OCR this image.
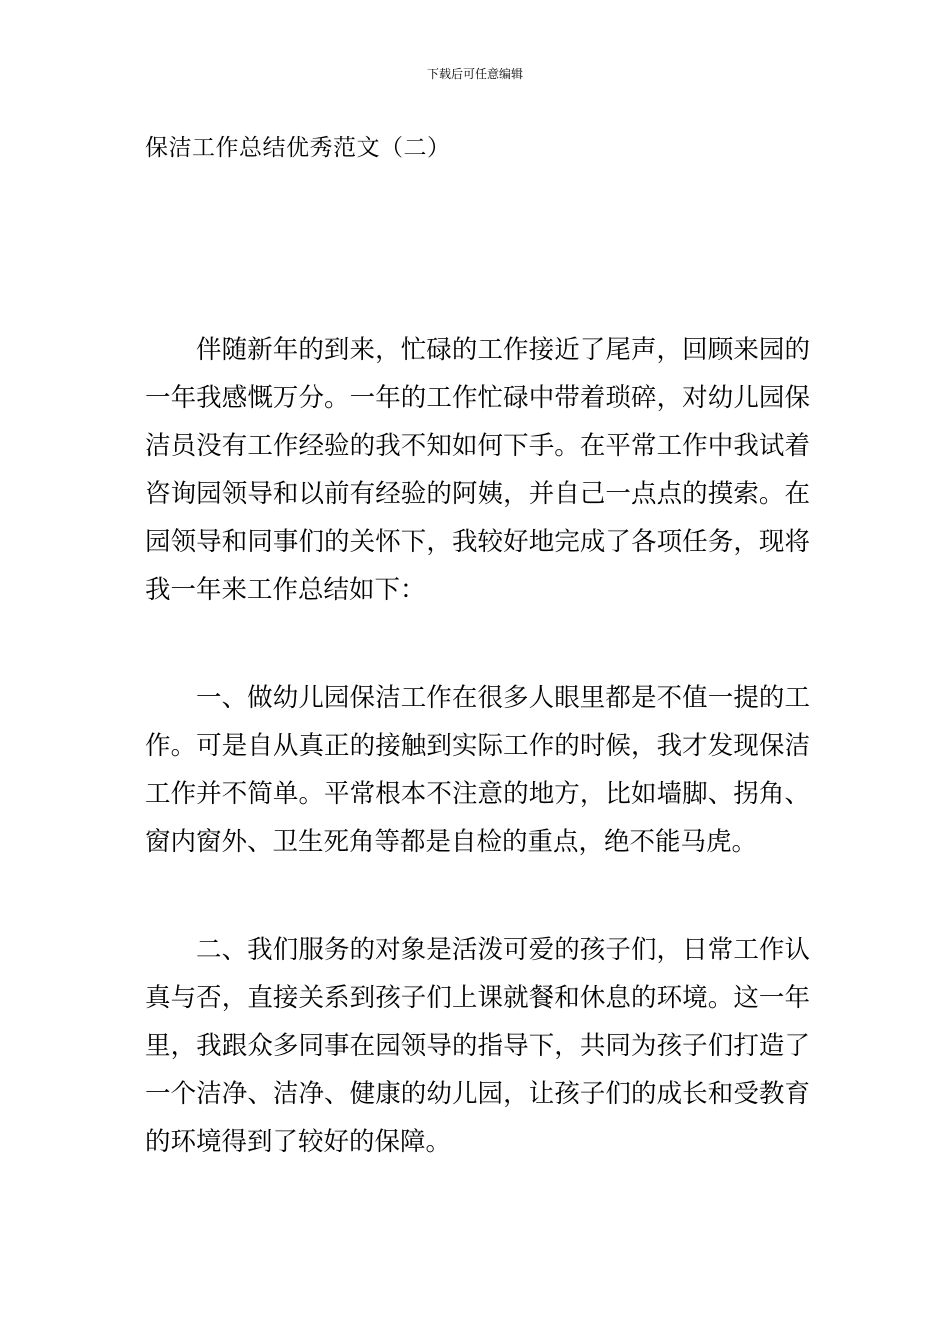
下载后可任意编辑
保洁工作总结优秀范文（二）

伴随新年的到来，忙碌的工作接近了尾声，回顾来园的一年我感慨万分。一年的工作忙碌中带着琐碎，对幼儿园保洁员没有工作经验的我不知如何下手。在平常工作中我试着咨询园领导和以前有经验的阿姨，并自己一点点的摸索。在园领导和同事们的关怀下，我较好地完成了各项任务，现将我一年来工作总结如下：

一、做幼儿园保洁工作在很多人眼里都是不值一提的工作。可是自从真正的接触到实际工作的时候，我才发现保洁工作并不简单。平常根本不注意的地方，比如墙脚、拐角、窗内窗外、卫生死角等都是自检的重点，绝不能马虎。

二、我们服务的对象是活泼可爱的孩子们，日常工作认真与否，直接关系到孩子们上课就餐和休息的环境。这一年里，我跟众多同事在园领导的指导下，共同为孩子们打造了一个洁净、洁净、健康的幼儿园，让孩子们的成长和受教育的环境得到了较好的保障。
